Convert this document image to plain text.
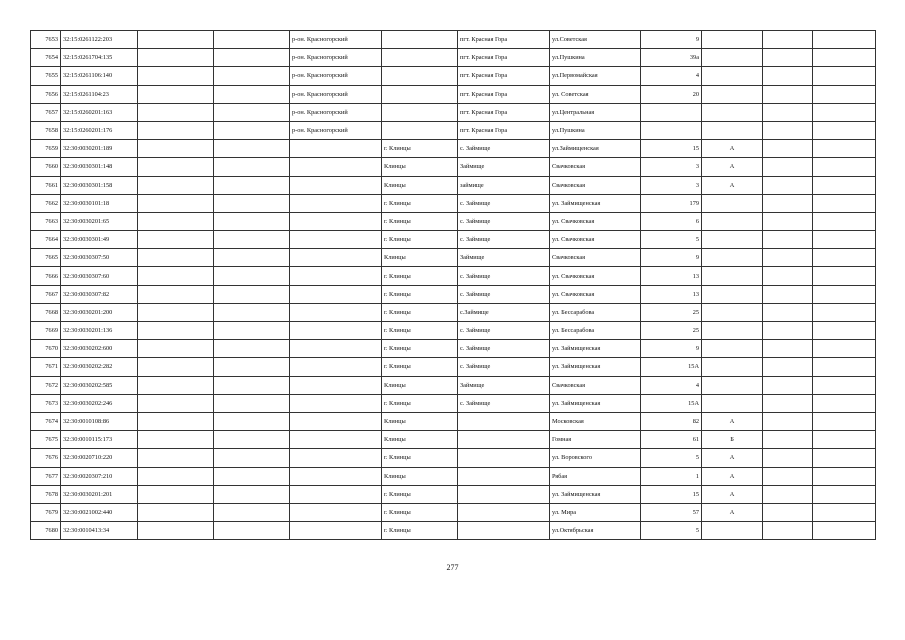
7653	32:15:0261122:203			р-он. Красногорский		пгт. Красная Гора	ул.Советская	9			
7654	32:15:0261704:135			р-он. Красногорский		пгт. Красная Гора	ул.Пушкина	39а			
7655	32:15:0261106:140			р-он. Красногорский		пгт. Красная Гора	ул.Первомайская	4			
7656	32:15:0261104:23			р-он. Красногорский		пгт. Красная Гора	ул. Советская	20			
7657	32:15:0260201:163			р-он. Красногорский		пгт. Красная Гора	ул.Центральная				
7658	32:15:0260201:176			р-он. Красногорский		пгт. Красная Гора	ул.Пушкина				
7659	32:30:0030201:189				г. Клинцы	с. Займище	ул.Займищенская	15	А		
7660	32:30:0030301:148				Клинцы	Займище	Свачковская	3	А		
7661	32:30:0030301:158				Клинцы	займище	Свачковская	3	А		
7662	32:30:0030101:18				г. Клинцы	с. Займище	ул. Займищенская	179			
7663	32:30:0030201:65				г. Клинцы	с. Займище	ул. Свачковская	6			
7664	32:30:0030301:49				г. Клинцы	с. Займище	ул. Свачковская	5			
7665	32:30:0030307:50				Клинцы	Займище	Свачковская	9			
7666	32:30:0030307:60				г. Клинцы	с. Займище	ул. Свачковская	13			
7667	32:30:0030307:82				г. Клинцы	с. Займище	ул. Свачковская	13			
7668	32:30:0030201:200				г. Клинцы	с.Займище	ул. Бессарабова	25			
7669	32:30:0030201:136				г. Клинцы	с. Займище	ул. Бессарабова	25			
7670	32:30:0030202:600				г. Клинцы	с. Займище	ул. Займищенская	9			
7671	32:30:0030202:282				г. Клинцы	с. Займище	ул. Займищенская	15А			
7672	32:30:0030202:585				Клинцы	Займище	Свачковская	4			
7673	32:30:0030202:246				г. Клинцы	с. Займище	ул. Займищенская	15А			
7674	32:30:0010108:86				Клинцы		Московская	82	А		
7675	32:30:0010115:173				Клинцы		Гомная	61	Б		
7676	32:30:0020710:220				г. Клинцы		ул. Воровского	5	А		
7677	32:30:0020307:210				Клинцы		Рябая	1	А		
7678	32:30:0030201:201				г. Клинцы		ул. Займищенская	15	А		
7679	32:30:0021002:440				г. Клинцы		ул. Мира	57	А		
7680	32:30:0010413:34				г. Клинцы		ул.Октябрьская	5			
277
